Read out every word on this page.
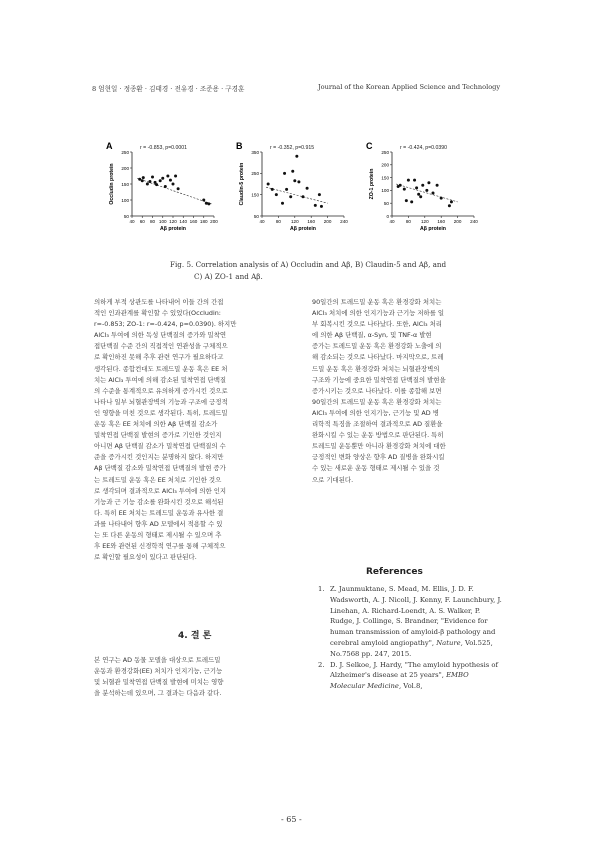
8 엄현일 · 정종환 · 김태경 · 전유경 · 조준용 · 구경훈	Journal of the Korean Applied Science and Technology
A	r = -0.853, p=0.0001
50
100
150
200
250
40 60 80 100 120 140 160 180 200
Aβ protein
Occludin protein
B	r = -0.352, p=0.915
50
150
250
350
40 80 120 160 200 240
Aβ protein
Claudin-5 protein
C	r = -0.424, p=0.0390
0
50
100
150
200
250
40 80 120 160 200 240
Aβ protein
ZO-1 protein
Fig. 5. Correlation analysis of A) Occludin and Aβ, B) Claudin-5 and Aβ, and
C) A) ZO-1 and Aβ.

의하게 부적 상관도를 나타내어 이들 간의 간접
적인 인과관계를 확인할 수 있었다(Occludin:
r=-0.853; ZO-1: r=-0.424, p=0.0390). 하지만
AlCl₃ 투여에 의한 독성 단백질의 증가와 밀착연
접단백질 수준 간의 직접적인 연관성을 구체적으
로 확인하진 못해 추후 관련 연구가 필요하다고
생각된다. 종합컨대도 트레드밀 운동 혹은 EE 처
치는 AlCl₃ 투여에 의해 감소된 밀착연접 단백질
의 수준을 통계적으로 유의하게 증가시킨 것으로
나타나 일부 뇌혈관장벽의 기능과 구조에 긍정적
인 영향을 미친 것으로 생각된다. 특히, 트레드밀
운동 혹은 EE 처치에 의한 Aβ 단백질 감소가
밀착연접 단백질 발현의 증가로 기인한 것인지
아니면 Aβ 단백질 감소가 밀착연접 단백질의 수
준을 증가시킨 것인지는 분명하지 않다. 하지만
Aβ 단백질 감소와 밀착연접 단백질의 발현 증가
는 트레드밀 운동 혹은 EE 처치로 기인한 것으
로 생각되며 결과적으로 AlCl₃ 투여에 의한 인지
기능과 근 기능 감소를 완화시킨 것으로 해석된
다. 특히 EE 처치는 트레드밀 운동과 유사한 결
과를 나타내어 향후 AD 모델에서 적용할 수 있
는 또 다른 운동의 형태로 제시될 수 있으며 추
후 EE와 관련된 신경학적 연구를 통해 구체적으
로 확인할 필요성이 있다고 판단된다.

4. 결 론

본 연구는 AD 동물 모델을 대상으로 트레드밀
운동과 환경강화(EE) 처치가 인지기능, 근기능
및 뇌혈관 밀착연접 단백질 발현에 미치는 영향
을 분석하는데 있으며, 그 결과는 다음과 같다.

90일간의 트레드밀 운동 혹은 환경강화 처치는
AlCl₃ 처치에 의한 인지기능과 근기능 저하를 일
부 회복시킨 것으로 나타났다. 또한, AlCl₃ 처리
에 의한 Aβ 단백질, α-Syn, 및 TNF-α 발현
증가는 트레드밀 운동 혹은 환경강화 노출에 의
해 감소되는 것으로 나타났다. 마지막으로, 트레
드밀 운동 혹은 환경강화 처치는 뇌혈관장벽의
구조와 기능에 중요한 밀착연접 단백질의 발현을
증가시키는 것으로 나타났다. 이를 종합해 보면
90일간의 트레드밀 운동 혹은 환경강화 처치는
AlCl₃ 투여에 의한 인지기능, 근기능 및 AD 병
리학적 특징을 조절하여 결과적으로 AD 질환을
완화시킬 수 있는 운동 방법으로 판단된다. 특히
트레드밀 운동뿐만 아니라 환경강화 처치에 대한
긍정적인 변화 양상은 향후 AD 질병을 완화시킬
수 있는 새로운 운동 형태로 제시될 수 있을 것
으로 기대된다.

References
1. Z. Jaunmuktane, S. Mead, M. Ellis, J. D. F. Wadsworth, A. J. Nicoll, J. Kenny, F. Launchbury, J. Linehan, A. Richard-Loendt, A. S. Walker, P. Rudge, J. Collinge, S. Brandner, "Evidence for human transmission of amyloid-β pathology and cerebral amyloid angiopathy", Nature, Vol.525, No.7568 pp. 247, 2015.
2. D. J. Selkoe, J. Hardy, "The amyloid hypothesis of Alzheimer's disease at 25 years", EMBO Molecular Medicine, Vol.8,
- 65 -
